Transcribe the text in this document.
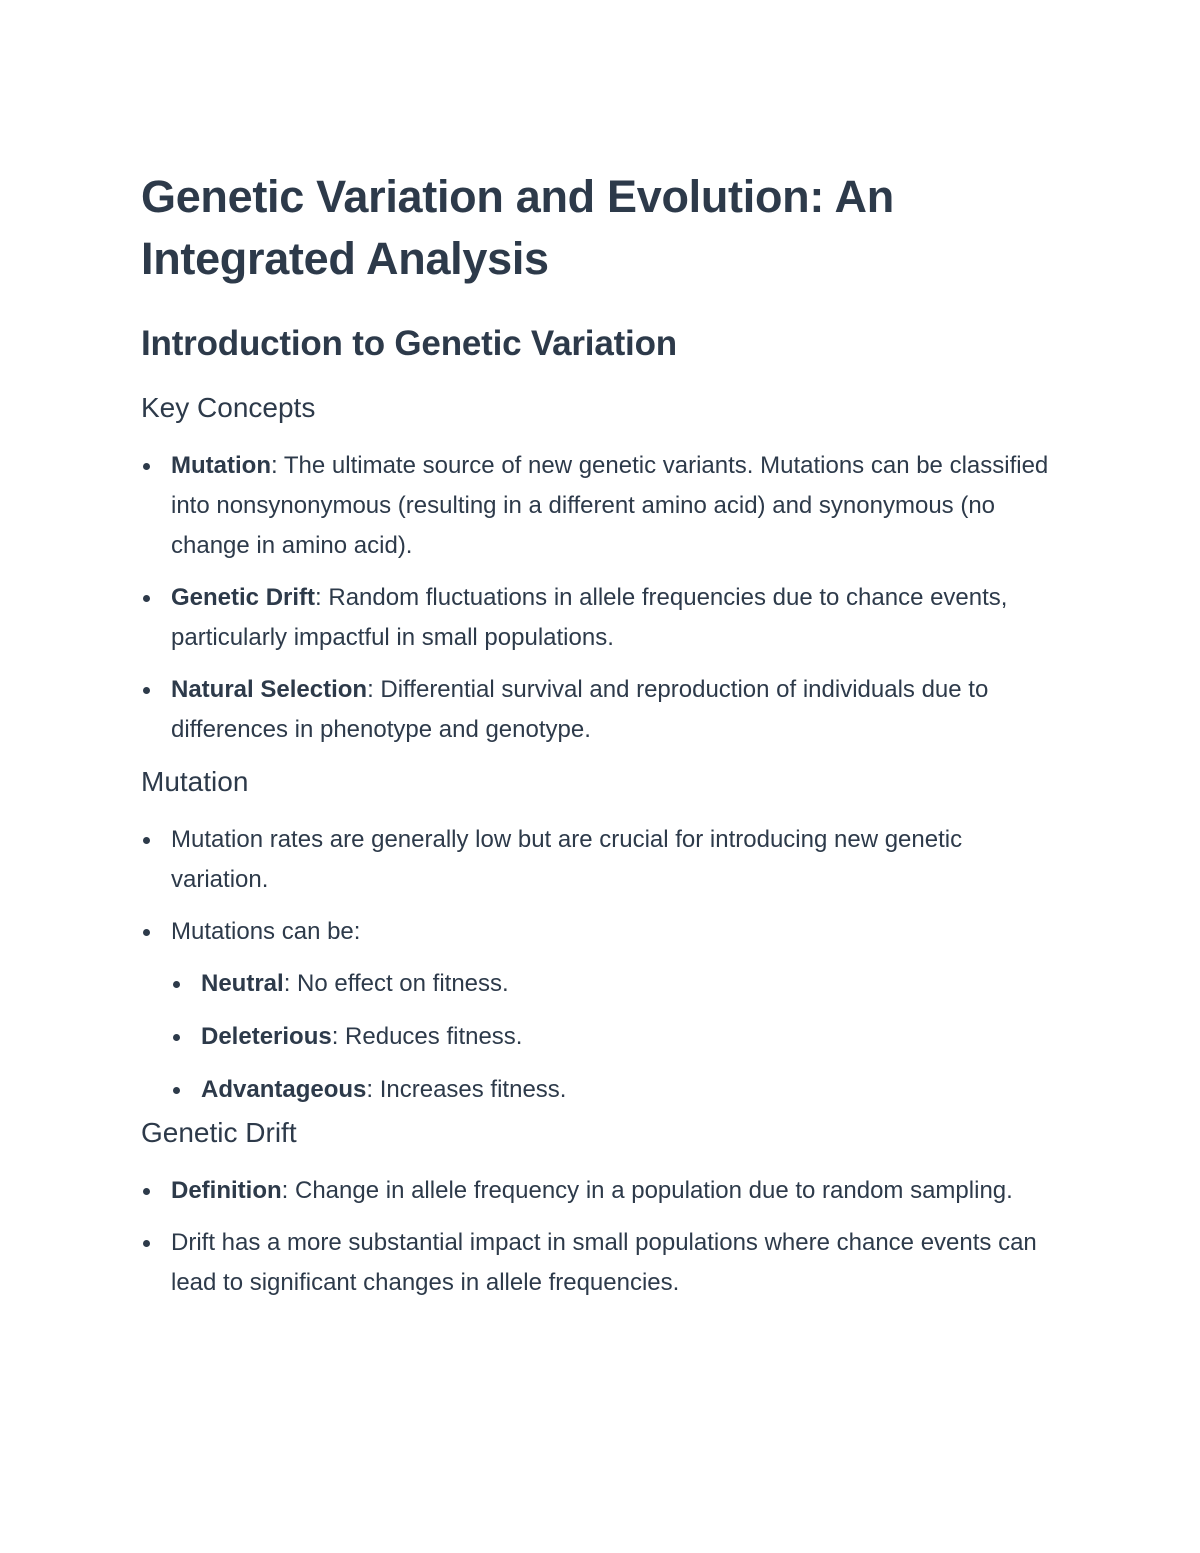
Genetic Variation and Evolution: An Integrated Analysis
Introduction to Genetic Variation
Key Concepts
Mutation: The ultimate source of new genetic variants. Mutations can be classified into nonsynonymous (resulting in a different amino acid) and synonymous (no change in amino acid).
Genetic Drift: Random fluctuations in allele frequencies due to chance events, particularly impactful in small populations.
Natural Selection: Differential survival and reproduction of individuals due to differences in phenotype and genotype.
Mutation
Mutation rates are generally low but are crucial for introducing new genetic variation.
Mutations can be:
Neutral: No effect on fitness.
Deleterious: Reduces fitness.
Advantageous: Increases fitness.
Genetic Drift
Definition: Change in allele frequency in a population due to random sampling.
Drift has a more substantial impact in small populations where chance events can lead to significant changes in allele frequencies.
